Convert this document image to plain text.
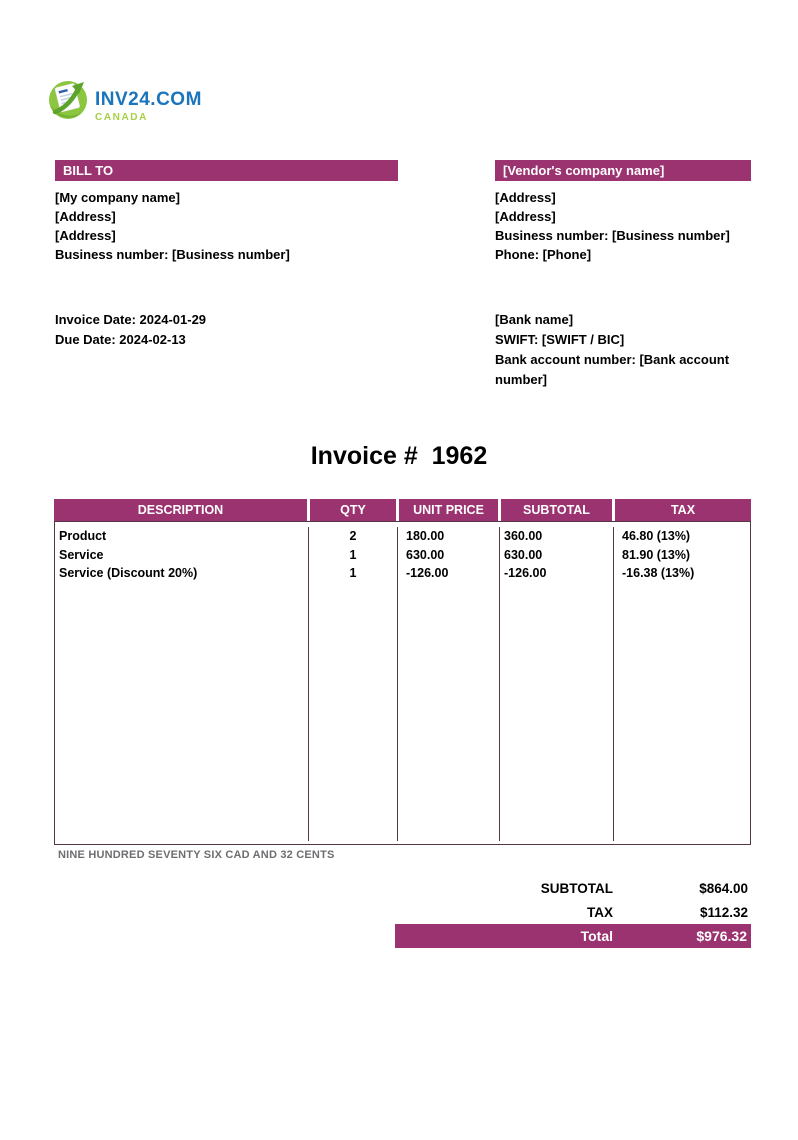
INV24.COM
CANADA
BILL TO
[My company name]
[Address]
[Address]
Business number: [Business number]
Invoice Date: 2024-01-29
Due Date: 2024-02-13
[Vendor's company name]
[Address]
[Address]
Business number: [Business number]
Phone: [Phone]
[Bank name]
SWIFT: [SWIFT / BIC]
Bank account number: [Bank account number]
Invoice #  1962
DESCRIPTION	QTY	UNIT PRICE	SUBTOTAL	TAX
Product	2	180.00	360.00	46.80 (13%)
Service	1	630.00	630.00	81.90 (13%)
Service (Discount 20%)	1	-126.00	-126.00	-16.38 (13%)
NINE HUNDRED SEVENTY SIX CAD AND 32 CENTS
SUBTOTAL	$864.00
TAX	$112.32
Total	$976.32
